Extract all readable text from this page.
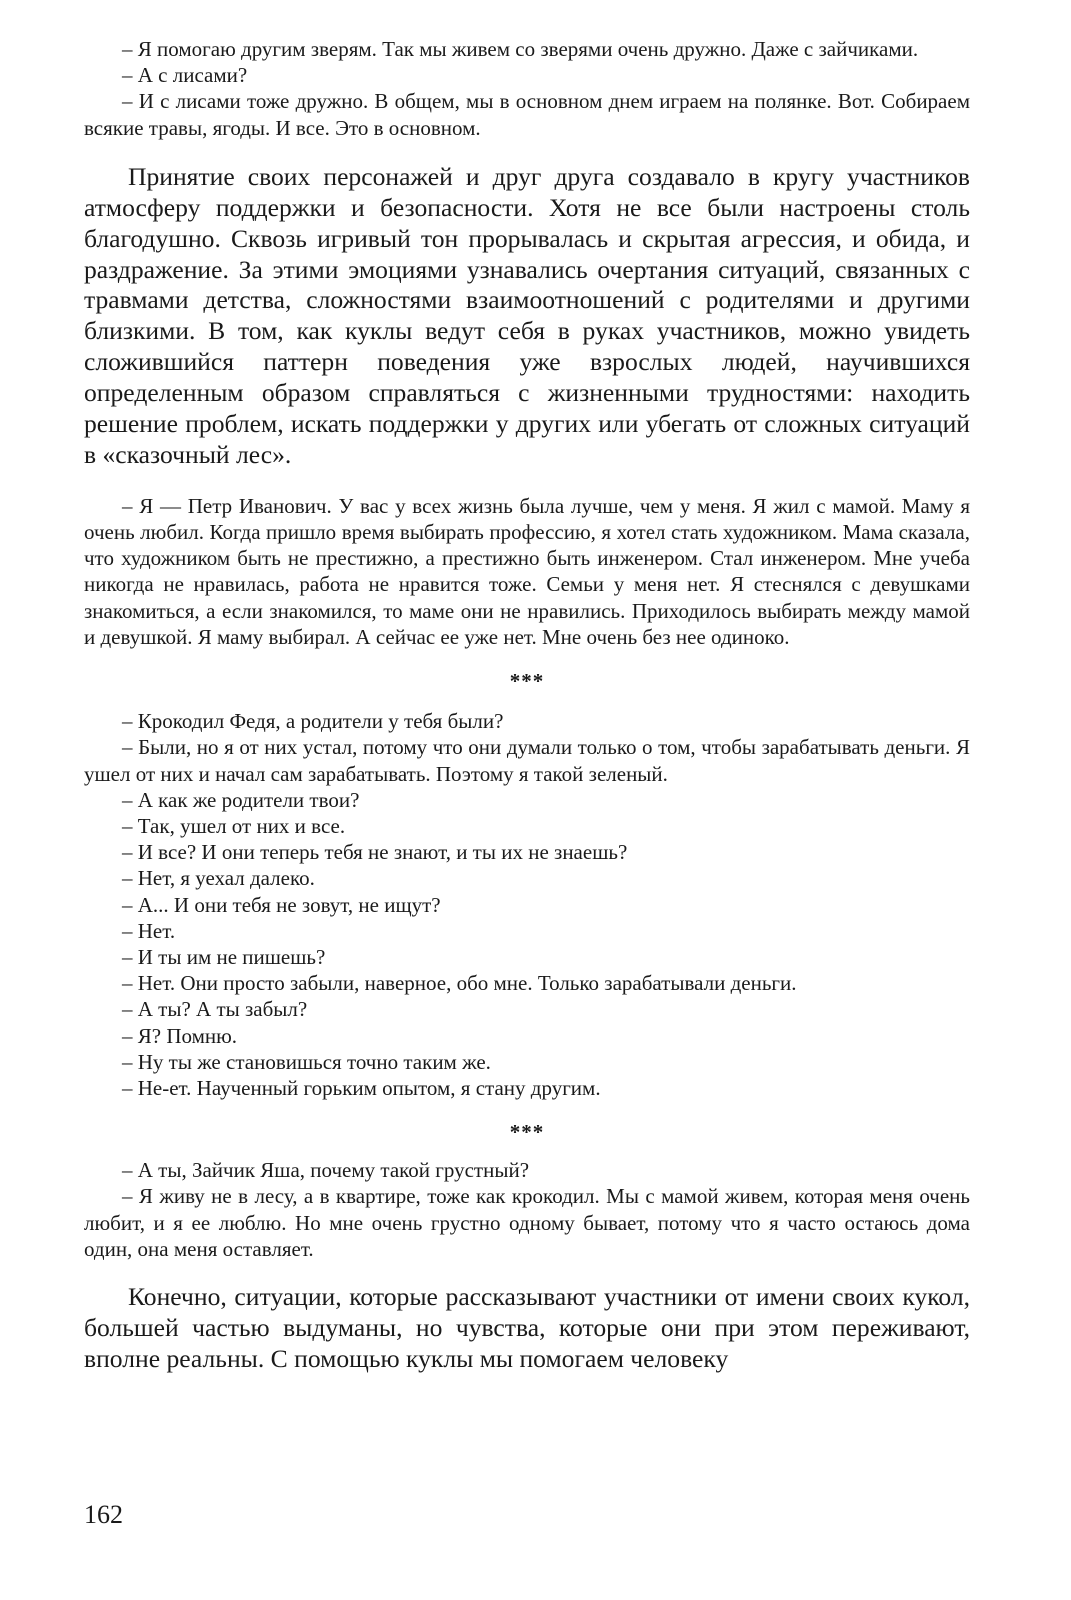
– Я помогаю другим зверям. Так мы живем со зверями очень дружно. Даже с зайчиками.

– А с лисами?

– И с лисами тоже дружно. В общем, мы в основном днем играем на полянке. Вот. Собираем всякие травы, ягоды. И все. Это в основном.

Принятие своих персонажей и друг друга создавало в кругу участников атмосферу поддержки и безопасности. Хотя не все были настроены столь благодушно. Сквозь игривый тон прорывалась и скрытая агрессия, и обида, и раздражение. За этими эмоциями узнавались очертания ситуаций, связанных с травмами детства, сложностями взаимоотношений с родителями и другими близкими. В том, как куклы ведут себя в руках участников, можно увидеть сложившийся паттерн поведения уже взрослых людей, научившихся определенным образом справляться с жизненными трудностями: находить решение проблем, искать поддержки у других или убегать от сложных ситуаций в «сказочный лес».

– Я — Петр Иванович. У вас у всех жизнь была лучше, чем у меня. Я жил с мамой. Маму я очень любил. Когда пришло время выбирать профессию, я хотел стать художником. Мама сказала, что художником быть не престижно, а престижно быть инженером. Стал инженером. Мне учеба никогда не нравилась, работа не нравится тоже. Семьи у меня нет. Я стеснялся с девушками знакомиться, а если знакомился, то маме они не нравились. Приходилось выбирать между мамой и девушкой. Я маму выбирал. А сейчас ее уже нет. Мне очень без нее одиноко.

***

– Крокодил Федя, а родители у тебя были?

– Были, но я от них устал, потому что они думали только о том, чтобы зарабатывать деньги. Я ушел от них и начал сам зарабатывать. Поэтому я такой зеленый.

– А как же родители твои?

– Так, ушел от них и все.

– И все? И они теперь тебя не знают, и ты их не знаешь?

– Нет, я уехал далеко.

– А... И они тебя не зовут, не ищут?

– Нет.

– И ты им не пишешь?

– Нет. Они просто забыли, наверное, обо мне. Только зарабатывали деньги.

– А ты? А ты забыл?

– Я? Помню.

– Ну ты же становишься точно таким же.

– Не-ет. Наученный горьким опытом, я стану другим.

***

– А ты, Зайчик Яша, почему такой грустный?

– Я живу не в лесу, а в квартире, тоже как крокодил. Мы с мамой живем, которая меня очень любит, и я ее люблю. Но мне очень грустно одному бывает, потому что я часто остаюсь дома один, она меня оставляет.

Конечно, ситуации, которые рассказывают участники от имени своих кукол, большей частью выдуманы, но чувства, которые они при этом переживают, вполне реальны. С помощью куклы мы помогаем человеку

162
